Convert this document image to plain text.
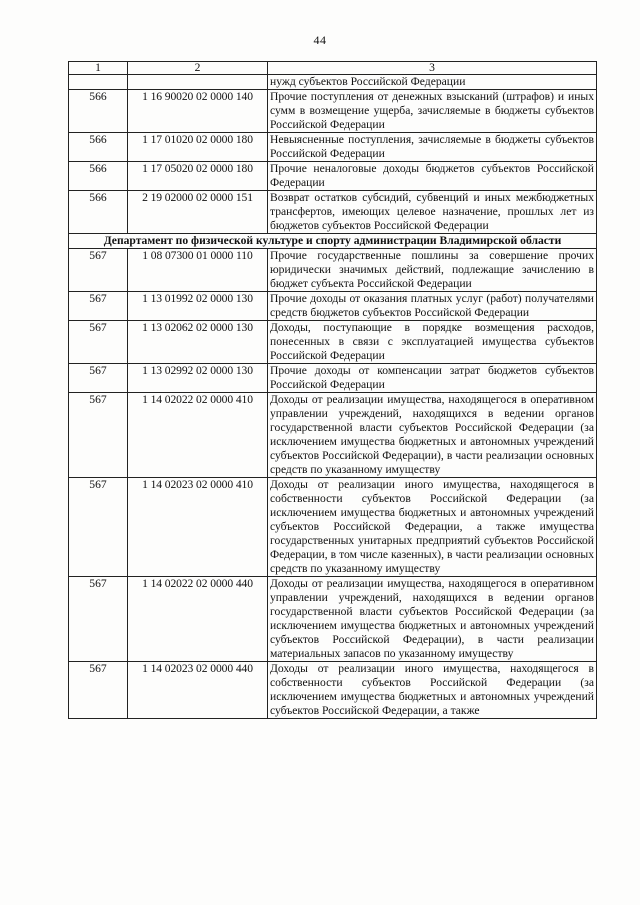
44
1	2	3
		нужд субъектов Российской Федерации
566	1 16 90020 02 0000 140	Прочие поступления от денежных взысканий (штрафов) и иных сумм в возмещение ущерба, зачисляемые в бюджеты субъектов Российской Федерации
566	1 17 01020 02 0000 180	Невыясненные поступления, зачисляемые в бюджеты субъектов Российской Федерации
566	1 17 05020 02 0000 180	Прочие неналоговые доходы бюджетов субъектов Российской Федерации
566	2 19 02000 02 0000 151	Возврат остатков субсидий, субвенций и иных межбюджетных трансфертов, имеющих целевое назначение, прошлых лет из бюджетов субъектов Российской Федерации
Департамент по физической культуре и спорту администрации Владимирской области		
567	1 08 07300 01 0000 110	Прочие государственные пошлины за совершение прочих юридически значимых действий, подлежащие зачислению в бюджет субъекта Российской Федерации
567	1 13 01992 02 0000 130	Прочие доходы от оказания платных услуг (работ) получателями средств бюджетов субъектов Российской Федерации
567	1 13 02062 02 0000 130	Доходы, поступающие в порядке возмещения расходов, понесенных в связи с эксплуатацией имущества субъектов Российской Федерации
567	1 13 02992 02 0000 130	Прочие доходы от компенсации затрат бюджетов субъектов Российской Федерации
567	1 14 02022 02 0000 410	Доходы от реализации имущества, находящегося в оперативном управлении учреждений, находящихся в ведении органов государственной власти субъектов Российской Федерации (за исключением имущества бюджетных и автономных учреждений субъектов Российской Федерации), в части реализации основных средств по указанному имуществу
567	1 14 02023 02 0000 410	Доходы от реализации иного имущества, находящегося в собственности субъектов Российской Федерации (за исключением имущества бюджетных и автономных учреждений субъектов Российской Федерации, а также имущества государственных унитарных предприятий субъектов Российской Федерации, в том числе казенных), в части реализации основных средств по указанному имуществу
567	1 14 02022 02 0000 440	Доходы от реализации имущества, находящегося в оперативном управлении учреждений, находящихся в ведении органов государственной власти субъектов Российской Федерации (за исключением имущества бюджетных и автономных учреждений субъектов Российской Федерации), в части реализации материальных запасов по указанному имуществу
567	1 14 02023 02 0000 440	Доходы от реализации иного имущества, находящегося в собственности субъектов Российской Федерации (за исключением имущества бюджетных и автономных учреждений субъектов Российской Федерации, а также
